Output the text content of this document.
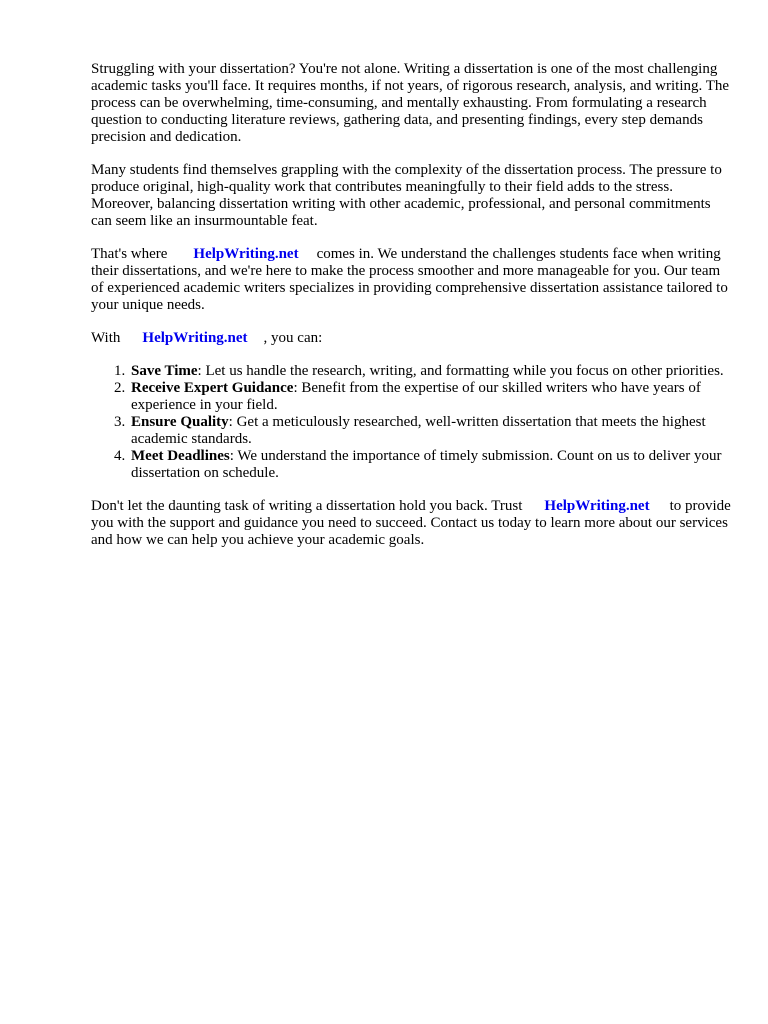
Struggling with your dissertation? You're not alone. Writing a dissertation is one of the most challenging academic tasks you'll face. It requires months, if not years, of rigorous research, analysis, and writing. The process can be overwhelming, time-consuming, and mentally exhausting. From formulating a research question to conducting literature reviews, gathering data, and presenting findings, every step demands precision and dedication.

Many students find themselves grappling with the complexity of the dissertation process. The pressure to produce original, high-quality work that contributes meaningfully to their field adds to the stress. Moreover, balancing dissertation writing with other academic, professional, and personal commitments can seem like an insurmountable feat.

That's where HelpWriting.net comes in. We understand the challenges students face when writing their dissertations, and we're here to make the process smoother and more manageable for you. Our team of experienced academic writers specializes in providing comprehensive dissertation assistance tailored to your unique needs.

With HelpWriting.net , you can:

1. Save Time: Let us handle the research, writing, and formatting while you focus on other priorities.
2. Receive Expert Guidance: Benefit from the expertise of our skilled writers who have years of experience in your field.
3. Ensure Quality: Get a meticulously researched, well-written dissertation that meets the highest academic standards.
4. Meet Deadlines: We understand the importance of timely submission. Count on us to deliver your dissertation on schedule.

Don't let the daunting task of writing a dissertation hold you back. Trust HelpWriting.net to provide you with the support and guidance you need to succeed. Contact us today to learn more about our services and how we can help you achieve your academic goals.
